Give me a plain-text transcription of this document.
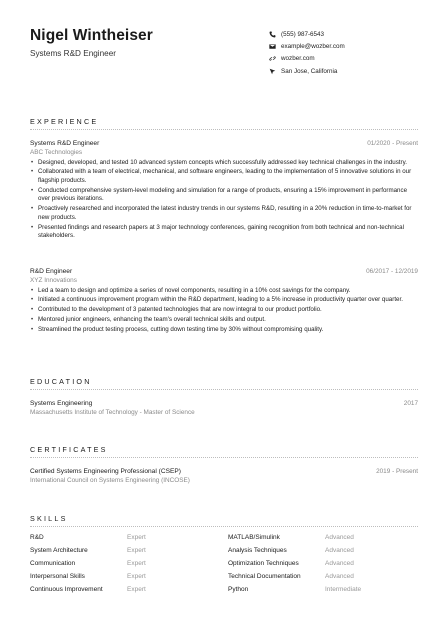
Nigel Wintheiser
Systems R&D Engineer
(555) 987-6543
example@wozber.com
wozber.com
San Jose, California
EXPERIENCE
Systems R&D Engineer	01/2020 - Present
ABC Technologies
• Designed, developed, and tested 10 advanced system concepts which successfully addressed key technical challenges in the industry.
• Collaborated with a team of electrical, mechanical, and software engineers, leading to the implementation of 5 innovative solutions in our flagship products.
• Conducted comprehensive system-level modeling and simulation for a range of products, ensuring a 15% improvement in performance over previous iterations.
• Proactively researched and incorporated the latest industry trends in our systems R&D, resulting in a 20% reduction in time-to-market for new products.
• Presented findings and research papers at 3 major technology conferences, gaining recognition from both technical and non-technical stakeholders.
R&D Engineer	06/2017 - 12/2019
XYZ Innovations
• Led a team to design and optimize a series of novel components, resulting in a 10% cost savings for the company.
• Initiated a continuous improvement program within the R&D department, leading to a 5% increase in productivity quarter over quarter.
• Contributed to the development of 3 patented technologies that are now integral to our product portfolio.
• Mentored junior engineers, enhancing the team's overall technical skills and output.
• Streamlined the product testing process, cutting down testing time by 30% without compromising quality.
EDUCATION
Systems Engineering	2017
Massachusetts Institute of Technology - Master of Science
CERTIFICATES
Certified Systems Engineering Professional (CSEP)	2019 - Present
International Council on Systems Engineering (INCOSE)
SKILLS
R&D	Expert	MATLAB/Simulink	Advanced
System Architecture	Expert	Analysis Techniques	Advanced
Communication	Expert	Optimization Techniques	Advanced
Interpersonal Skills	Expert	Technical Documentation	Advanced
Continuous Improvement	Expert	Python	Intermediate
